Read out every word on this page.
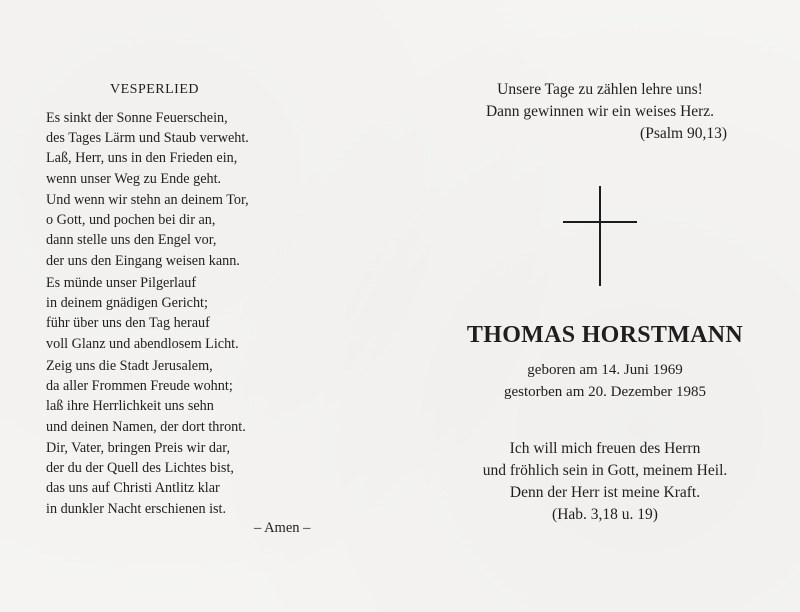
VESPERLIED
Es sinkt der Sonne Feuerschein,
des Tages Lärm und Staub verweht.
Laß, Herr, uns in den Frieden ein,
wenn unser Weg zu Ende geht.
Und wenn wir stehn an deinem Tor,
o Gott, und pochen bei dir an,
dann stelle uns den Engel vor,
der uns den Eingang weisen kann.
Es münde unser Pilgerlauf
in deinem gnädigen Gericht;
führ über uns den Tag herauf
voll Glanz und abendlosem Licht.
Zeig uns die Stadt Jerusalem,
da aller Frommen Freude wohnt;
laß ihre Herrlichkeit uns sehn
und deinen Namen, der dort thront.
Dir, Vater, bringen Preis wir dar,
der du der Quell des Lichtes bist,
das uns auf Christi Antlitz klar
in dunkler Nacht erschienen ist.
– Amen –
Unsere Tage zu zählen lehre uns!
Dann gewinnen wir ein weises Herz.
(Psalm 90,13)
THOMAS HORSTMANN
geboren am 14. Juni 1969
gestorben am 20. Dezember 1985
Ich will mich freuen des Herrn
und fröhlich sein in Gott, meinem Heil.
Denn der Herr ist meine Kraft.
(Hab. 3,18 u. 19)
